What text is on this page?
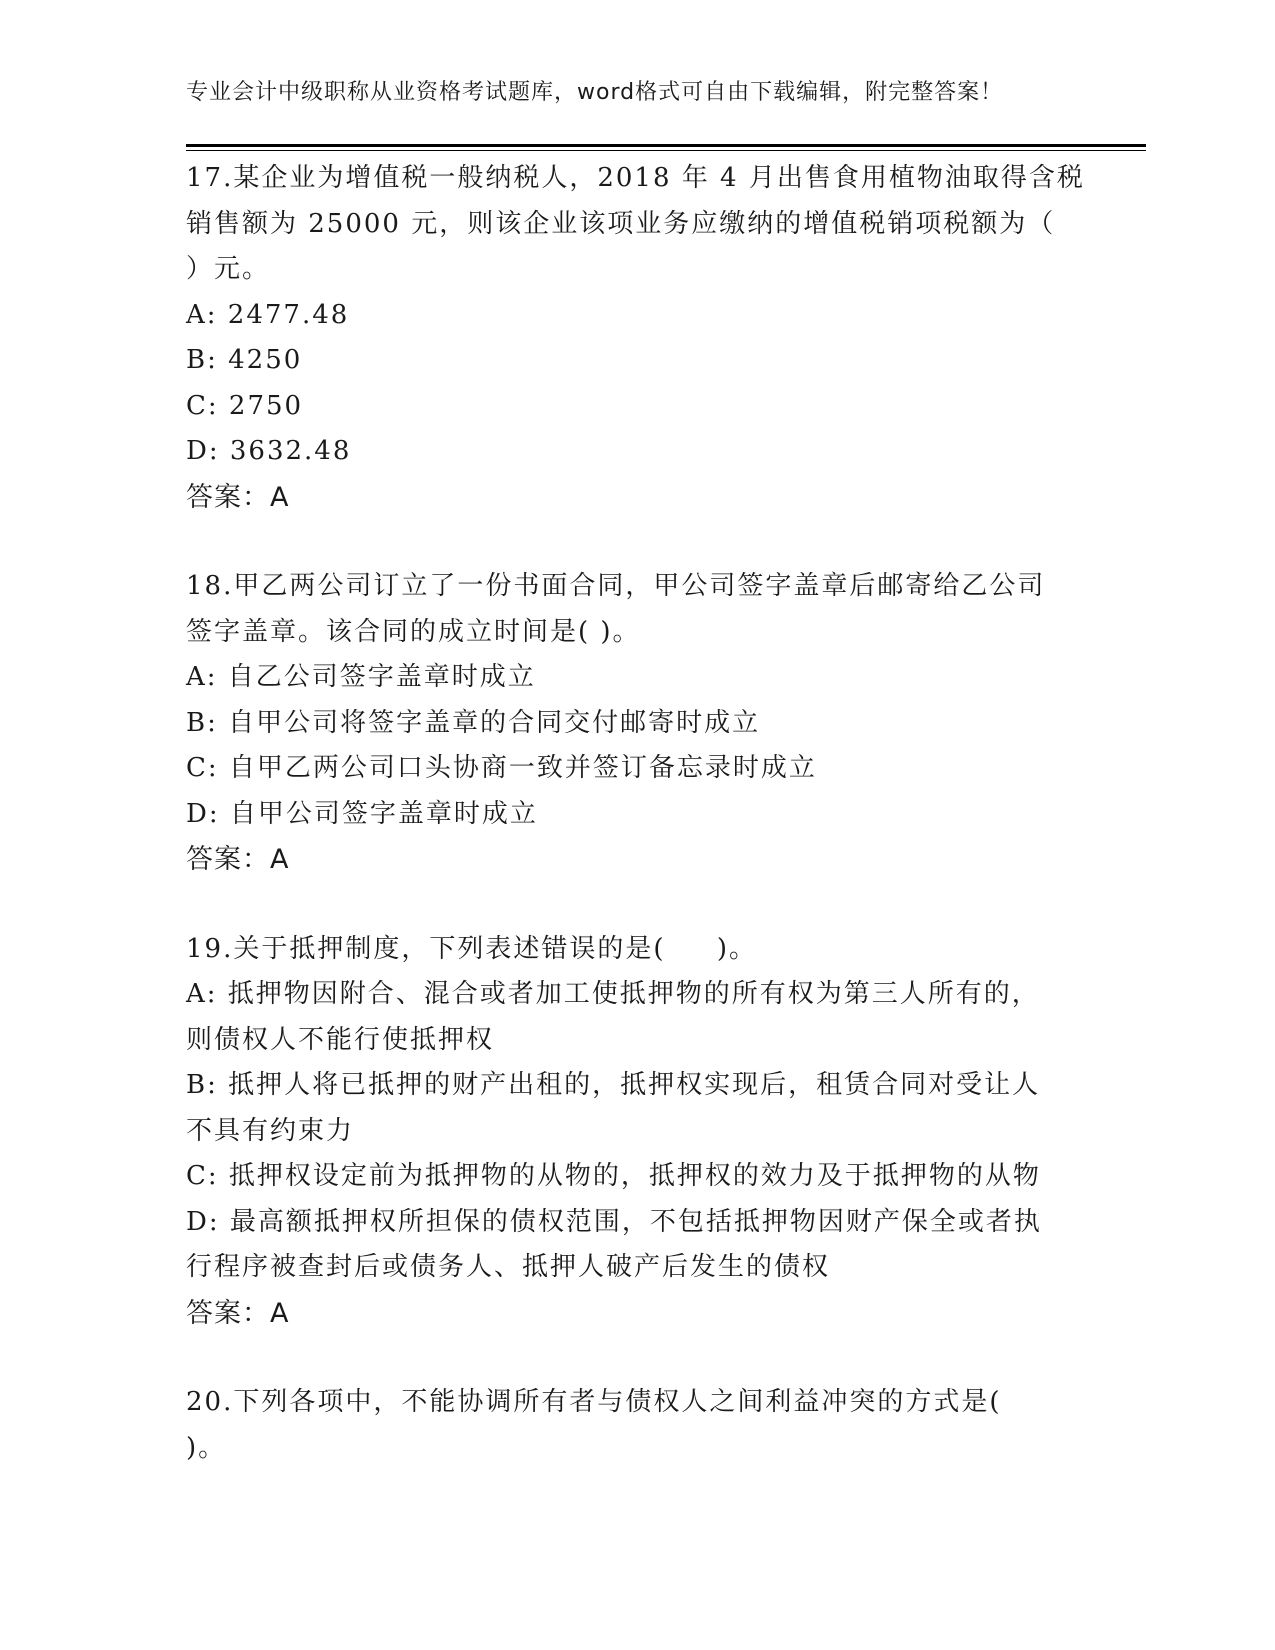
专业会计中级职称从业资格考试题库，word格式可自由下载编辑，附完整答案！
17.某企业为增值税一般纳税人，2018 年 4 月出售食用植物油取得含税
销售额为 25000 元，则该企业该项业务应缴纳的增值税销项税额为（
）元。
A: 2477.48
B: 4250
C: 2750
D: 3632.48
答案：A
18.甲乙两公司订立了一份书面合同，甲公司签字盖章后邮寄给乙公司
签字盖章。该合同的成立时间是( )。
A: 自乙公司签字盖章时成立
B: 自甲公司将签字盖章的合同交付邮寄时成立
C: 自甲乙两公司口头协商一致并签订备忘录时成立
D: 自甲公司签字盖章时成立
答案：A
19.关于抵押制度，下列表述错误的是(     )。
A: 抵押物因附合、混合或者加工使抵押物的所有权为第三人所有的，
则债权人不能行使抵押权
B: 抵押人将已抵押的财产出租的，抵押权实现后，租赁合同对受让人
不具有约束力
C: 抵押权设定前为抵押物的从物的，抵押权的效力及于抵押物的从物
D: 最高额抵押权所担保的债权范围，不包括抵押物因财产保全或者执
行程序被查封后或债务人、抵押人破产后发生的债权
答案：A
20.下列各项中，不能协调所有者与债权人之间利益冲突的方式是(
)。
